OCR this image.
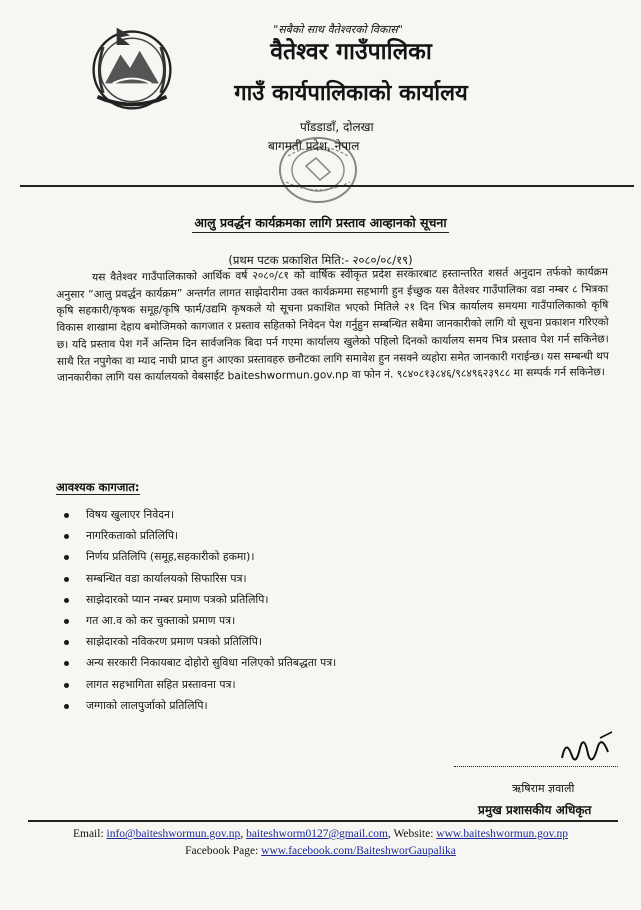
"सबैको साथ वैतेश्वरको विकास"
वैतेश्वर गाउँपालिका
गाउँ कार्यपालिकाको कार्यालय
पाँडडाडाँ, दोलखा
बागमती प्रदेश, नेपाल
आलु प्रवर्द्धन कार्यक्रमका लागि प्रस्ताव आव्हानको सूचना
(प्रथम पटक प्रकाशित मिति:- २०८०/०८/१९)

यस वैतेश्वर गाउँपालिकाको आर्थिक वर्ष २०८०/८१ को वार्षिक स्वीकृत प्रदेश सरकारबाट हस्तान्तरित शसर्त अनुदान तर्फको कार्यक्रम अनुसार “आलु प्रवर्द्धन कार्यक्रम” अन्तर्गत लागत साझेदारीमा उक्त कार्यक्रममा सहभागी हुन ईच्छुक यस वैतेश्वर गाउँपालिका वडा नम्बर ८ भित्रका कृषि सहकारी/कृषक समूह/कृषि फार्म/उद्यमि कृषकले यो सूचना प्रकाशित भएको मितिले २१ दिन भित्र कार्यालय समयमा गाउँपालिकाको कृषि विकास शाखामा देहाय बमोजिमको कागजात र प्रस्ताव सहितको निवेदन पेश गर्नुहुन सम्बन्धित सबैमा जानकारीको लागि यो सूचना प्रकाशन गरिएको छ। यदि प्रस्ताव पेश गर्ने अन्तिम दिन सार्वजनिक बिदा पर्न गएमा कार्यालय खुलेको पहिलो दिनको कार्यालय समय भित्र प्रस्ताव पेश गर्न सकिनेछ। साथै रित नपुगेका वा म्याद नाघी प्राप्त हुन आएका प्रस्तावहरु छनौटका लागि समावेश हुन नसक्ने व्यहोरा समेत जानकारी गराईन्छ। यस सम्बन्धी थप जानकारीका लागि यस कार्यालयको वेबसाईट baiteshwormun.gov.np वा फोन नं. ९८४०८१३८४६/९८४९६२३९८८ मा सम्पर्क गर्न सकिनेछ।

आवश्यक कागजात:
विषय खुलाएर निवेदन।
नागरिकताको प्रतिलिपि।
निर्णय प्रतिलिपि (समूह,सहकारीको हकमा)।
सम्बन्धित वडा कार्यालयको सिफारिस पत्र।
साझेदारको प्यान नम्बर प्रमाण पत्रको प्रतिलिपि।
गत आ.व को कर चुक्ताको प्रमाण पत्र।
साझेदारको नविकरण प्रमाण पत्रको प्रतिलिपि।
अन्य सरकारी निकायबाट दोहोरो सुविधा नलिएको प्रतिबद्धता पत्र।
लागत सहभागिता सहित प्रस्तावना पत्र।
जग्गाको लालपुर्जाको प्रतिलिपि।
ऋषिराम ज्ञवाली
प्रमुख प्रशासकीय अधिकृत
Email: info@baiteshwormun.gov.np, baiteshworm0127@gmail.com, Website: www.baiteshwormun.gov.np
Facebook Page: www.facebook.com/BaiteshworGaupalika
